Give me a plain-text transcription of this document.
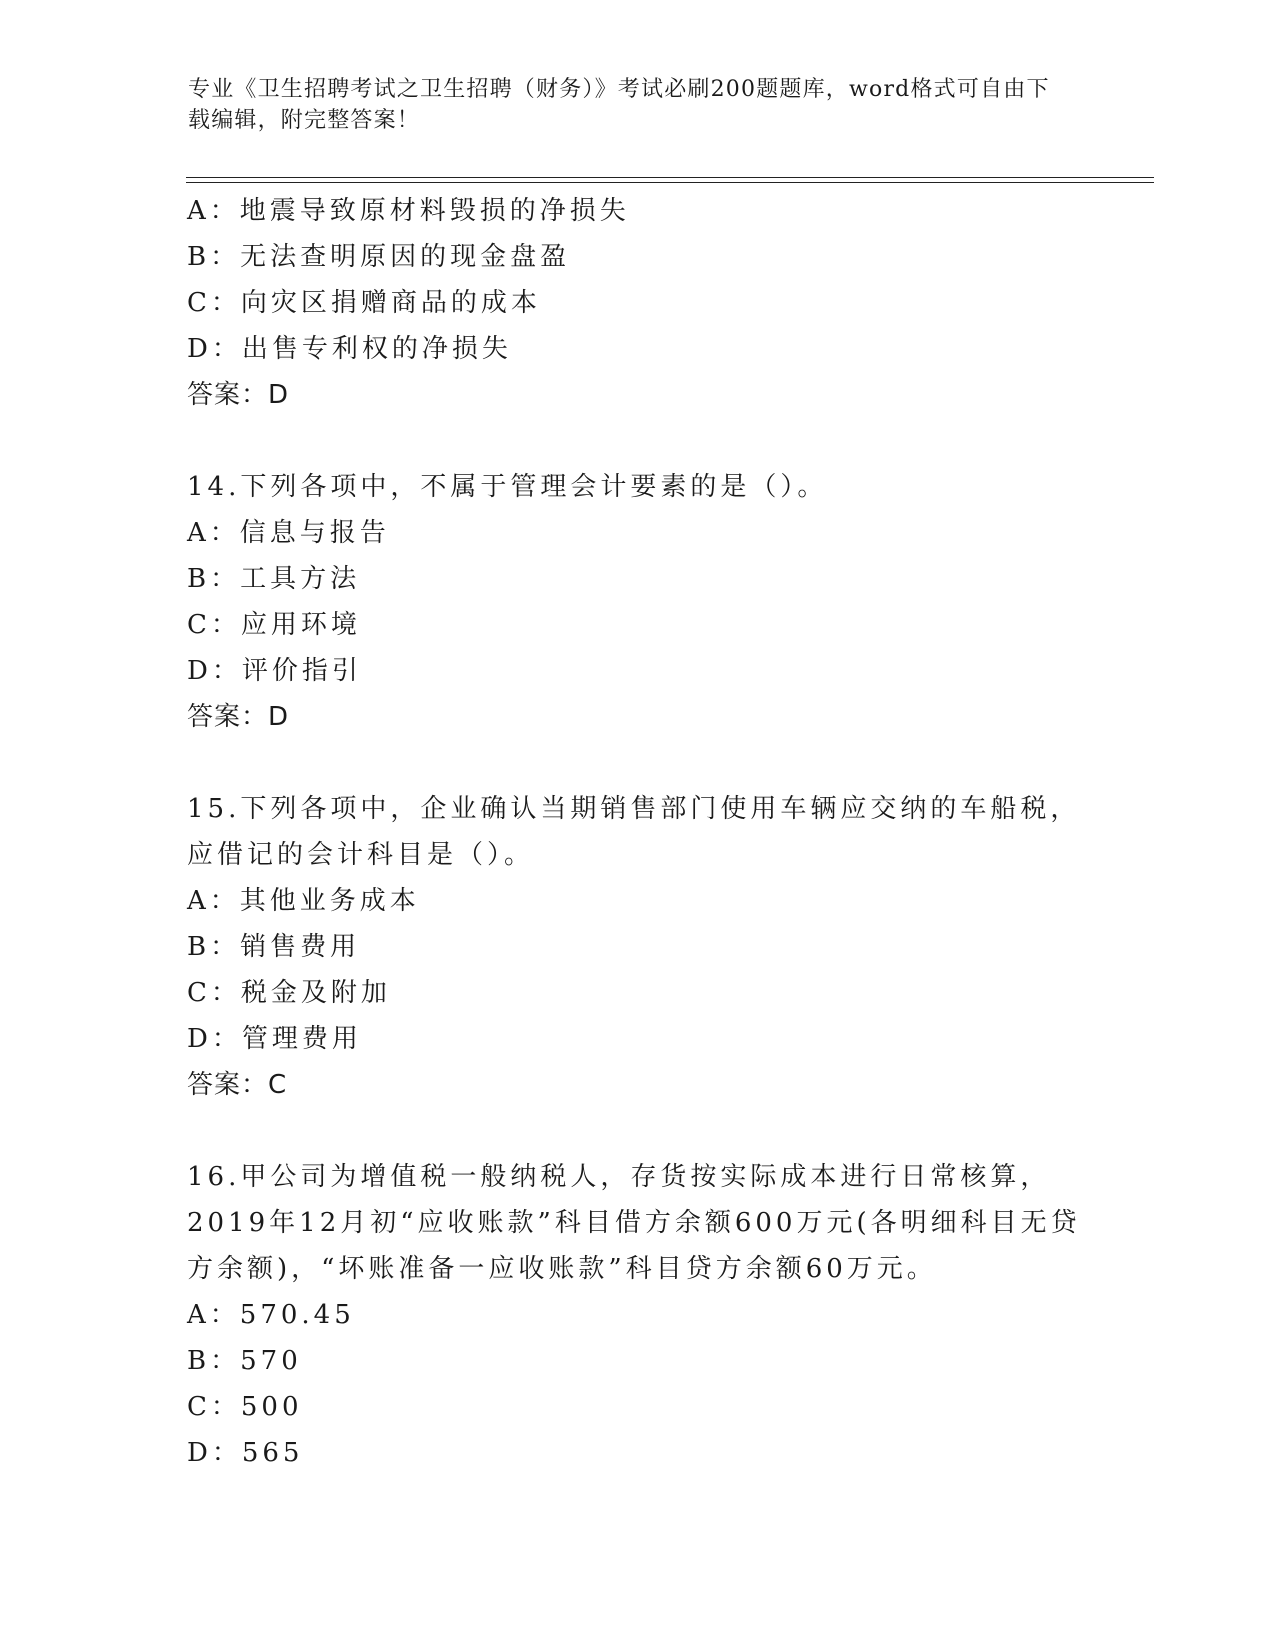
专业《卫生招聘考试之卫生招聘（财务）》考试必刷200题题库，word格式可自由下载编辑，附完整答案！
A：地震导致原材料毁损的净损失
B：无法查明原因的现金盘盈
C：向灾区捐赠商品的成本
D：出售专利权的净损失
答案：D
14.下列各项中，不属于管理会计要素的是（）。
A：信息与报告
B：工具方法
C：应用环境
D：评价指引
答案：D
15.下列各项中，企业确认当期销售部门使用车辆应交纳的车船税，应借记的会计科目是（）。
A：其他业务成本
B：销售费用
C：税金及附加
D：管理费用
答案：C
16.甲公司为增值税一般纳税人，存货按实际成本进行日常核算，2019年12月初“应收账款”科目借方余额600万元(各明细科目无贷方余额)，“坏账准备一应收账款”科目贷方余额60万元。
A：570.45
B：570
C：500
D：565
